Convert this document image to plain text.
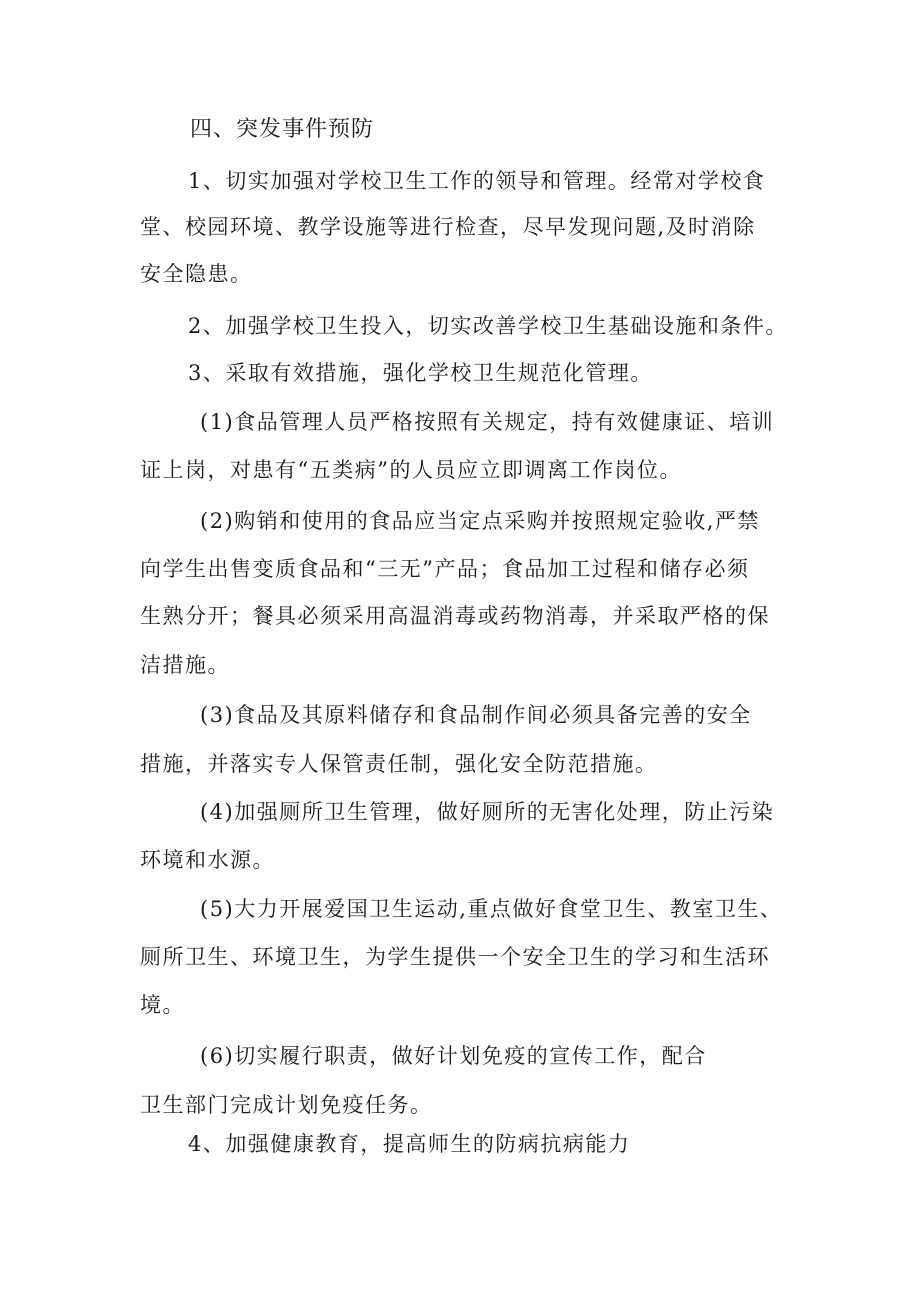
四、突发事件预防
1、切实加强对学校卫生工作的领导和管理。经常对学校食
堂、校园环境、教学设施等进行检查，尽早发现问题,及时消除
安全隐患。
2、加强学校卫生投入，切实改善学校卫生基础设施和条件。
3、采取有效措施，强化学校卫生规范化管理。
(1)食品管理人员严格按照有关规定，持有效健康证、培训
证上岗，对患有“五类病”的人员应立即调离工作岗位。
(2)购销和使用的食品应当定点采购并按照规定验收,严禁
向学生出售变质食品和“三无”产品；食品加工过程和储存必须
生熟分开；餐具必须采用高温消毒或药物消毒，并采取严格的保
洁措施。
(3)食品及其原料储存和食品制作间必须具备完善的安全
措施，并落实专人保管责任制，强化安全防范措施。
(4)加强厕所卫生管理，做好厕所的无害化处理，防止污染
环境和水源。
(5)大力开展爱国卫生运动,重点做好食堂卫生、教室卫生、
厕所卫生、环境卫生，为学生提供一个安全卫生的学习和生活环
境。
(6)切实履行职责，做好计划免疫的宣传工作，配合
卫生部门完成计划免疫任务。
4、加强健康教育，提高师生的防病抗病能力
